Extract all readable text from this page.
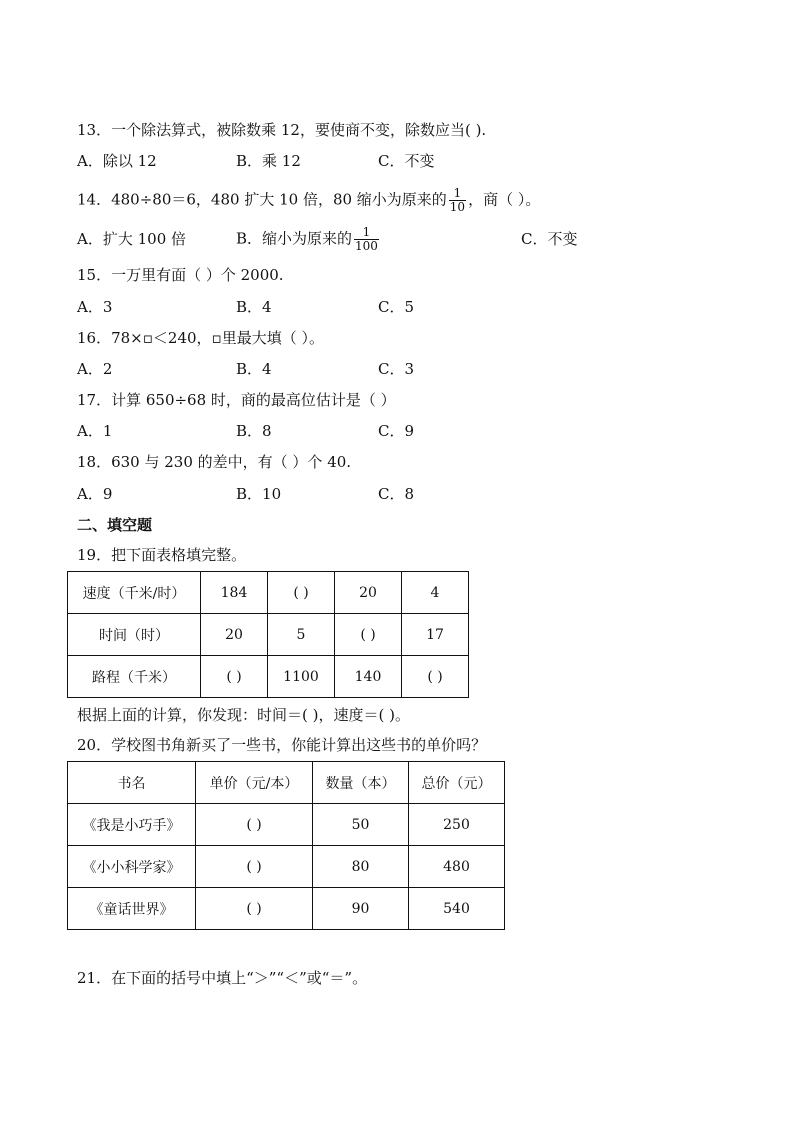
13．一个除法算式，被除数乘 12，要使商不变，除数应当( ).
A．除以 12	B．乘 12	C．不变
14．480÷80＝6，480 扩大 10 倍，80 缩小为原来的 $\frac{1}{10}$ ，商（ ）。
A．扩大 100 倍	B．缩小为原来的 $\frac{1}{100}$	C．不变
15．一万里有面（ ）个 2000.
A．3	B．4	C．5
16．78×▫＜240，▫里最大填（ ）。
A．2	B．4	C．3
17．计算 650÷68 时，商的最高位估计是（ ）
A．1	B．8	C．9
18．630 与 230 的差中，有（ ）个 40.
A．9	B．10	C．8
二、填空题
19．把下面表格填完整。
速度（千米/时）	184	( )	20	4
时间（时）	20	5	( )	17
路程（千米）	( )	1100	140	( )
根据上面的计算，你发现：时间＝( )，速度＝( )。
20．学校图书角新买了一些书，你能计算出这些书的单价吗？
书名	单价（元/本）	数量（本）	总价（元）
《我是小巧手》	( )	50	250
《小小科学家》	( )	80	480
《童话世界》	( )	90	540
21．在下面的括号中填上“＞”“＜”或“＝”。
